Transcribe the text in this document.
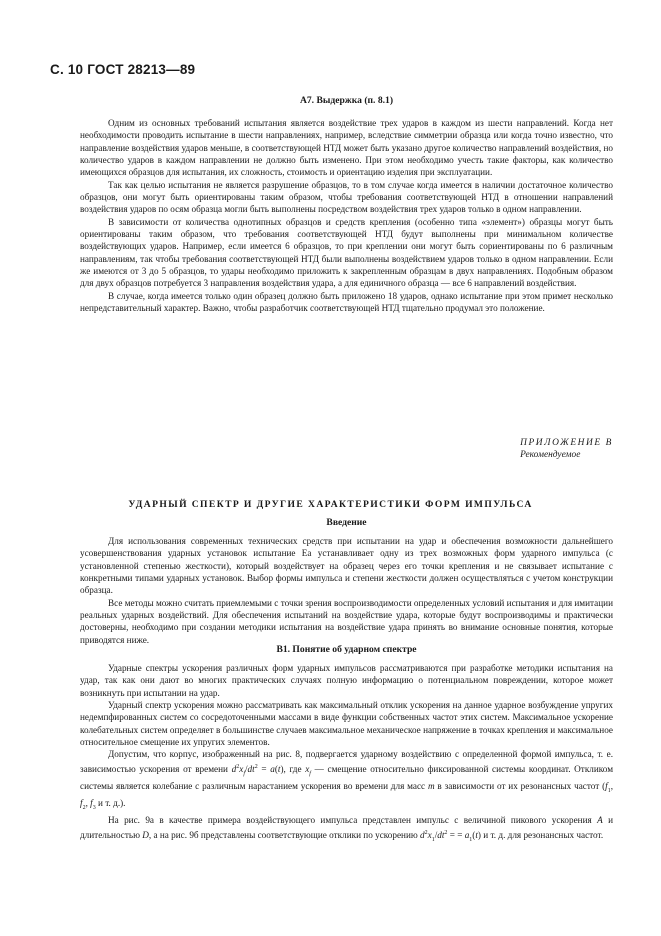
С. 10 ГОСТ 28213—89
А7. Выдержка (п. 8.1)

Одним из основных требований испытания является воздействие трех ударов в каждом из шести направлений. Когда нет необходимости проводить испытание в шести направлениях, например, вследствие симметрии образца или когда точно известно, что направление воздействия ударов меньше, в соответствующей НТД может быть указано другое количество направлений воздействия, но количество ударов в каждом направлении не должно быть изменено. При этом необходимо учесть такие факторы, как количество имеющихся образцов для испытания, их сложность, стоимость и ориентацию изделия при эксплуатации.

Так как целью испытания не является разрушение образцов, то в том случае когда имеется в наличии достаточное количество образцов, они могут быть ориентированы таким образом, чтобы требования соответствующей НТД в отношении направлений воздействия ударов по осям образца могли быть выполнены посредством воздействия трех ударов только в одном направлении.

В зависимости от количества однотипных образцов и средств крепления (особенно типа «элемент») образцы могут быть ориентированы таким образом, что требования соответствующей НТД будут выполнены при минимальном количестве воздействующих ударов. Например, если имеется 6 образцов, то при креплении они могут быть сориентированы по 6 различным направлениям, так чтобы требования соответствующей НТД были выполнены воздействием ударов только в одном направлении. Если же имеются от 3 до 5 образцов, то удары необходимо приложить к закрепленным образцам в двух направлениях. Подобным образом для двух образцов потребуется 3 направления воздействия удара, а для единичного образца — все 6 направлений воздействия.

В случае, когда имеется только один образец должно быть приложено 18 ударов, однако испытание при этом примет несколько непредставительный характер. Важно, чтобы разработчик соответствующей НТД тщательно продумал это положение.

ПРИЛОЖЕНИЕ В
Рекомендуемое
УДАРНЫЙ СПЕКТР И ДРУГИЕ ХАРАКТЕРИСТИКИ ФОРМ ИМПУЛЬСА
Введение

Для использования современных технических средств при испытании на удар и обеспечения возможности дальнейшего усовершенствования ударных установок испытание Еа устанавливает одну из трех возможных форм ударного импульса (с установленной степенью жесткости), который воздействует на образец через его точки крепления и не связывает испытание с конкретными типами ударных установок. Выбор формы импульса и степени жесткости должен осуществляться с учетом конструкции образца.

Все методы можно считать приемлемыми с точки зрения воспроизводимости определенных условий испытания и для имитации реальных ударных воздействий. Для обеспечения испытаний на воздействие удара, которые будут воспроизводимы и практически достоверны, необходимо при создании методики испытания на воздействие удара принять во внимание основные понятия, которые приводятся ниже.

В1. Понятие об ударном спектре

Ударные спектры ускорения различных форм ударных импульсов рассматриваются при разработке методики испытания на удар, так как они дают во многих практических случаях полную информацию о потенциальном повреждении, которое может возникнуть при испытании на удар.

Ударный спектр ускорения можно рассматривать как максимальный отклик ускорения на данное ударное возбуждение упругих недемпфированных систем со сосредоточенными массами в виде функции собственных частот этих систем. Максимальное ускорение колебательных систем определяет в большинстве случаев максимальное механическое напряжение в точках крепления и максимальное относительное смещение их упругих элементов.

Допустим, что корпус, изображенный на рис. 8, подвергается ударному воздействию с определенной формой импульса, т. е. зависимостью ускорения от времени $d^2x_f/dt^2 = a(t)$, где $x_f$ — смещение относительно фиксированной системы координат. Откликом системы является колебание с различным нарастанием ускорения во времени для масс m в зависимости от их резонансных частот ($f_1$, $f_2$, $f_3$ и т. д.).

На рис. 9а в качестве примера воздействующего импульса представлен импульс с величиной пикового ускорения A и длительностью D, а на рис. 9б представлены соответствующие отклики по ускорению $d^2x_1/dt^2$ = = $a_1(t)$ и т. д. для резонансных частот.
